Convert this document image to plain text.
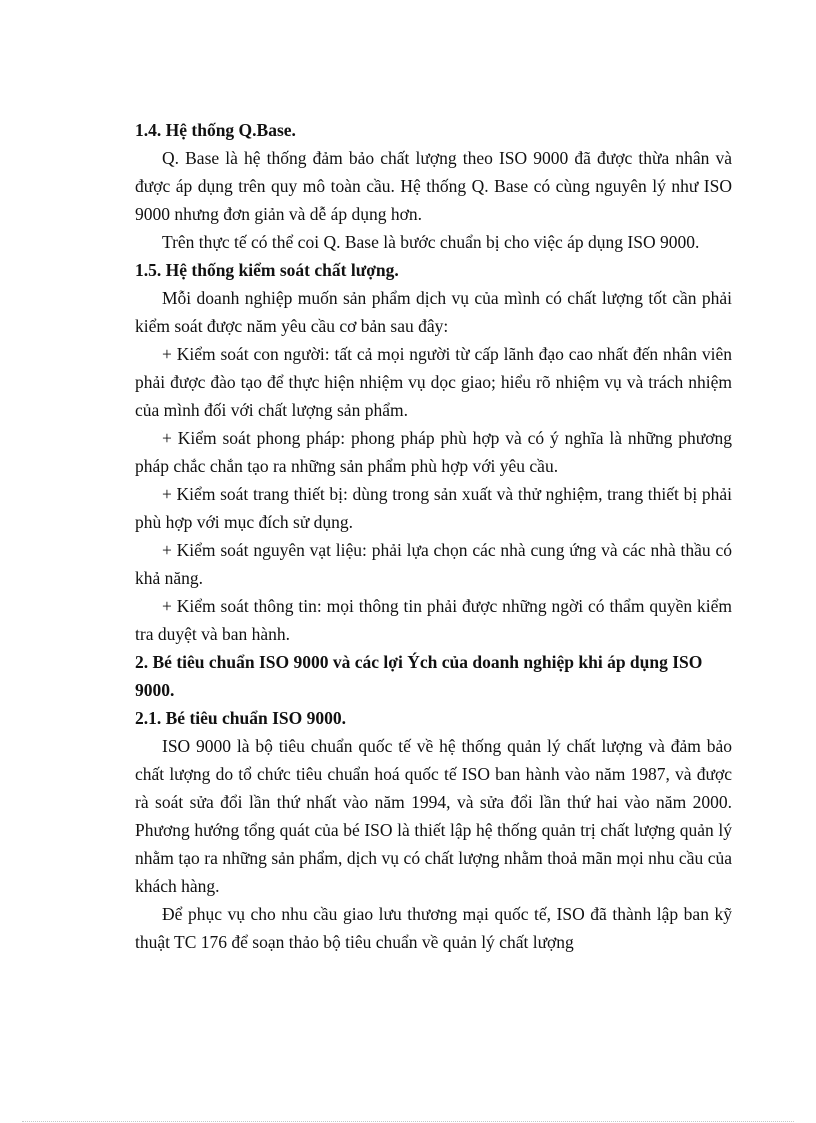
1.4. Hệ thống Q.Base.

Q. Base là hệ thống đảm bảo chất lượng theo ISO 9000 đã được thừa nhân và được áp dụng trên quy mô toàn cầu. Hệ thống Q. Base có cùng nguyên lý như ISO 9000 nhưng đơn giản và dễ áp dụng hơn.

Trên thực tế có thể coi Q. Base là bước chuẩn bị cho việc áp dụng ISO 9000.

1.5. Hệ thống kiểm soát chất lượng.

Mỗi doanh nghiệp muốn sản phẩm dịch vụ của mình có chất lượng tốt cần phải kiểm soát được năm yêu cầu cơ bản sau đây:

+ Kiểm soát con người: tất cả mọi người từ cấp lãnh đạo cao nhất đến nhân viên phải được đào tạo để thực hiện nhiệm vụ dọc giao; hiểu rõ nhiệm vụ và trách nhiệm của mình đối với chất lượng sản phẩm.

+ Kiểm soát phong pháp: phong pháp phù hợp và có ý nghĩa là những phương pháp chắc chắn tạo ra những sản phẩm phù hợp với yêu cầu.

+ Kiểm soát trang thiết bị: dùng trong sản xuất và thử nghiệm, trang thiết bị phải phù hợp với mục đích sử dụng.

+ Kiểm soát nguyên vạt liệu: phải lựa chọn các nhà cung ứng và các nhà thầu có khả năng.

+ Kiểm soát thông tin: mọi thông tin phải được những ngời có thẩm quyền kiểm tra duyệt và ban hành.

2. Bé tiêu chuẩn ISO 9000 và các lợi Ých của doanh nghiệp khi áp dụng ISO 9000.

2.1. Bé tiêu chuẩn ISO 9000.

ISO 9000 là bộ tiêu chuẩn quốc tế về hệ thống quản lý chất lượng và đảm bảo chất lượng do tổ chức tiêu chuẩn hoá quốc tế ISO ban hành vào năm 1987, và được rà soát sửa đổi lần thứ nhất vào năm 1994, và sửa đổi lần thứ hai vào năm 2000. Phương hướng tổng quát của bé ISO là thiết lập hệ thống quản trị chất lượng quản lý nhằm tạo ra những sản phẩm, dịch vụ có chất lượng nhằm thoả mãn mọi nhu cầu của khách hàng.

Để phục vụ cho nhu cầu giao lưu thương mại quốc tế, ISO đã thành lập ban kỹ thuật TC 176 để soạn thảo bộ tiêu chuẩn về quản lý chất lượng
